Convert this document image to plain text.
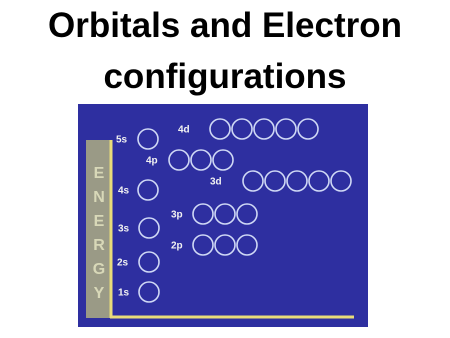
Orbitals and Electron
configurations
E
N
E
R
G
Y
5s
4d
4p
4s
3d
3p
3s
2p
2s
1s
